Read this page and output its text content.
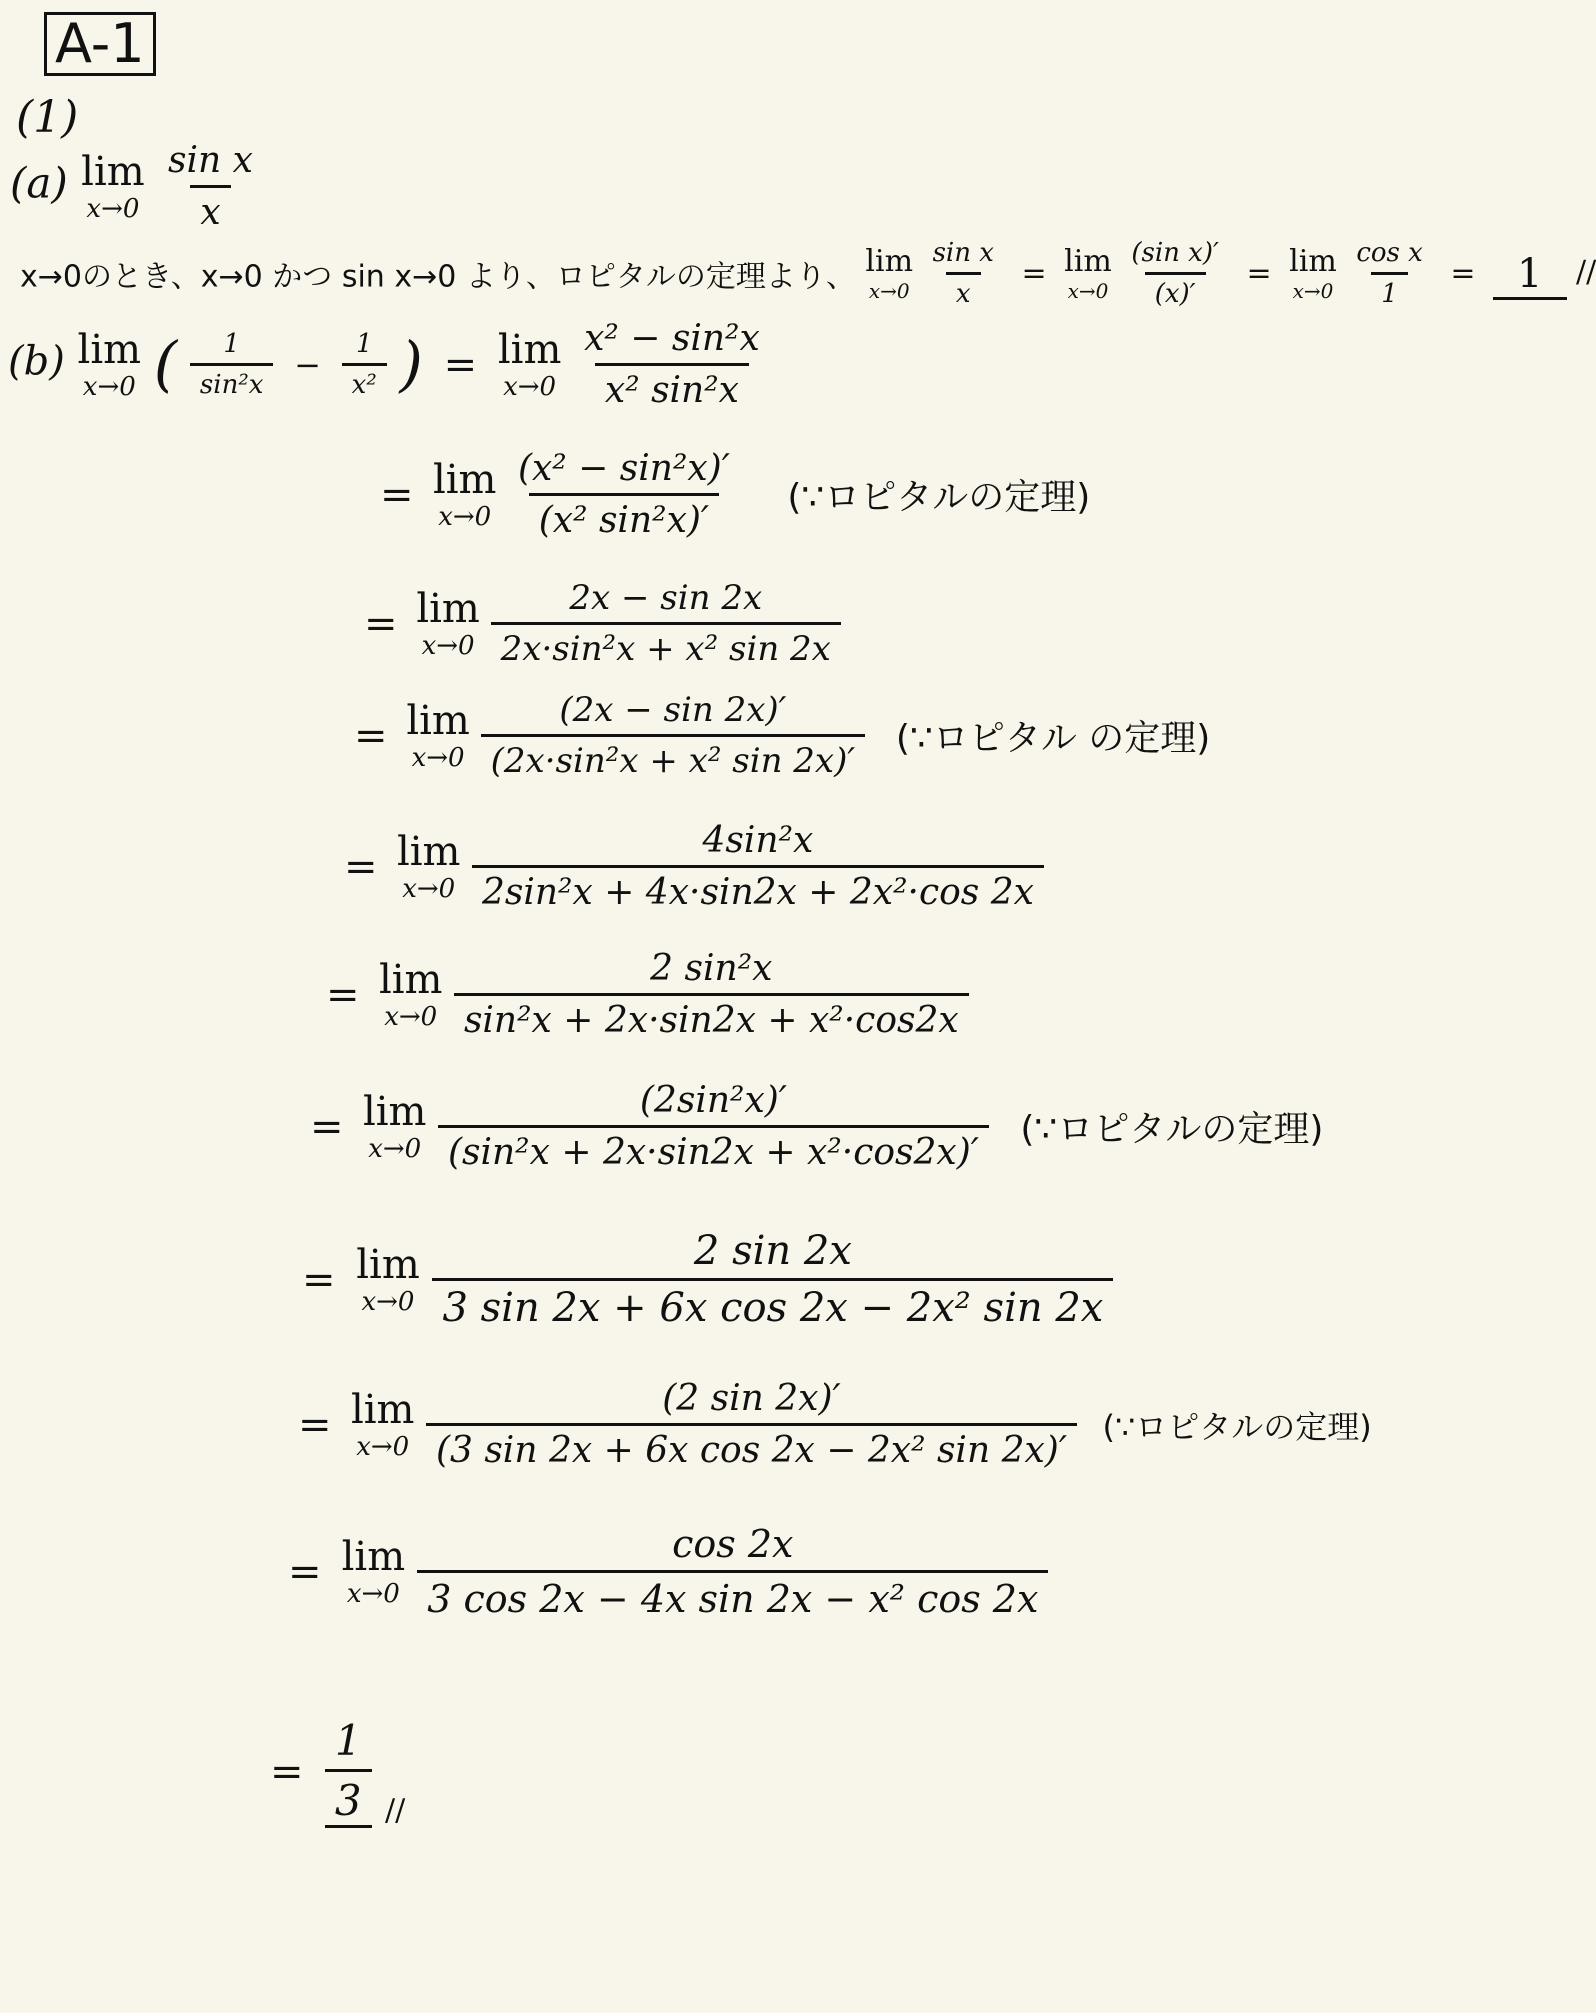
A-1
(1)
(a) lim
x→0
$\frac{\text{sin x}}{x}$
x→0のとき、x→0 かつ sin x→0 より、ロピタルの定理より、 lim
x→0
$\frac{\text{sin x}}{x} = \lim$
x→0
$\frac{\text{(sin x)′}}{(x)'} = \lim$
x→0
$\frac{\text{cos x}}{1} = 1$ //
(b) lim
x→0 ( $\frac{1}{\text{sin²x}} - \frac{1}{\text{x²}}$ ) = lim
x→0
$\frac{\text{x² − sin²x}}{\text{x² sin²x}}$
= lim
x→0
$\frac{\text{(x² − sin²x)′}}{\text{(x² sin²x)′}}$ (∵ロピタルの定理)
= lim
x→0
$\frac{2x - \sin 2x}{\text{2x·sin²x + x² sin 2x}}$
= lim
x→0
$\frac{(2x - \sin 2x)'}{\text{(2x·sin²x + x² sin 2x)′}}$ (∵ロピタル の定理)
= lim
x→0
$\frac{\text{4sin²x}}{\text{2sin²x + 4x·sin2x + 2x²·cos 2x}}$
= lim
x→0
$\frac{\text{2 sin²x}}{\text{sin²x + 2x·sin2x + x²·cos2x}}$
= lim
x→0
$\frac{\text{(2sin²x)′}}{\text{(sin²x + 2x·sin2x + x²·cos2x)′}}$ (∵ロピタルの定理)
= lim
x→0
$\frac{2 \sin 2x}{\text{3 sin 2x + 6x cos 2x − 2x² sin 2x}}$
= lim
x→0
$\frac{(2 \sin 2x)'}{\text{(3 sin 2x + 6x cos 2x − 2x² sin 2x)′}}$ (∵ロピタルの定理)
= lim
x→0
$\frac{\cos 2x}{\text{3 cos 2x − 4x sin 2x − x² cos 2x}}$
= $\frac{1}{3}$ //
